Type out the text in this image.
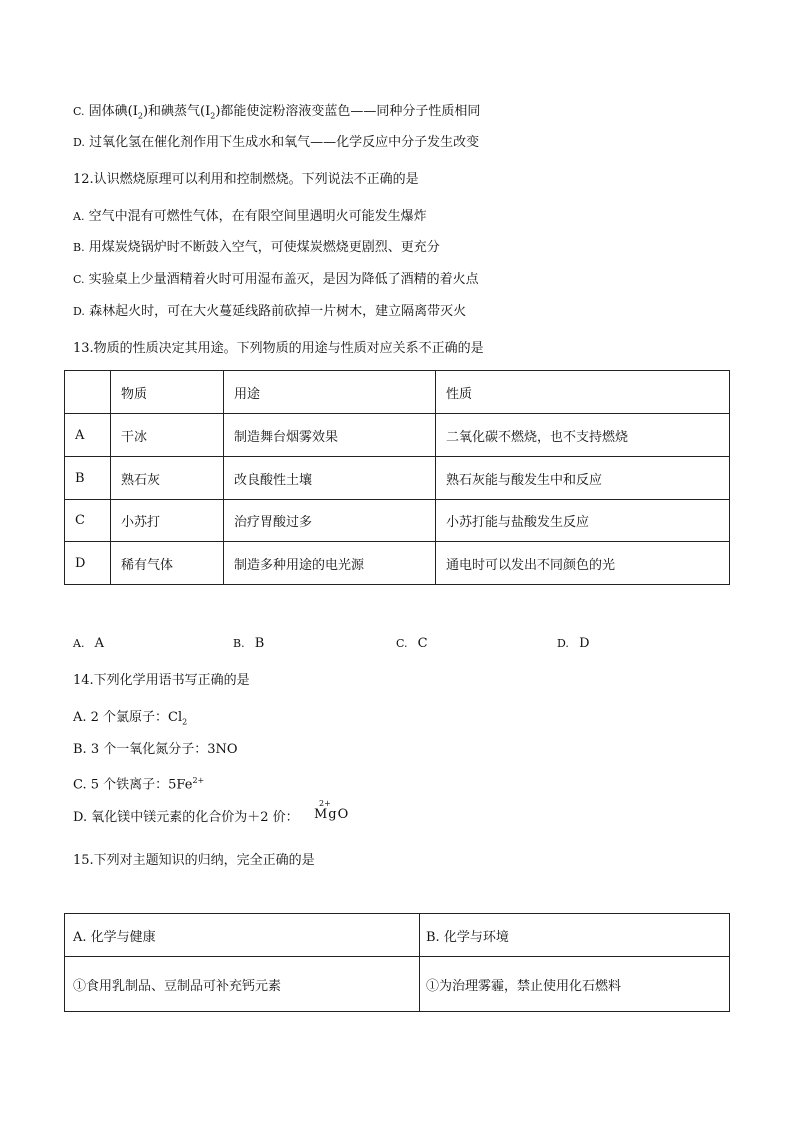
C. 固体碘$(I_2)$和碘蒸气$(I_2)$都能使淀粉溶液变蓝色——同种分子性质相同
D. 过氧化氢在催化剂作用下生成水和氧气——化学反应中分子发生改变
12.认识燃烧原理可以利用和控制燃烧。下列说法不正确的是
A. 空气中混有可燃性气体，在有限空间里遇明火可能发生爆炸
B. 用煤炭烧锅炉时不断鼓入空气，可使煤炭燃烧更剧烈、更充分
C. 实验桌上少量酒精着火时可用湿布盖灭，是因为降低了酒精的着火点
D. 森林起火时，可在大火蔓延线路前砍掉一片树木，建立隔离带灭火
13.物质的性质决定其用途。下列物质的用途与性质对应关系不正确的是
	物质	用途	性质
A	干冰	制造舞台烟雾效果	二氧化碳不燃烧，也不支持燃烧
B	熟石灰	改良酸性土壤	熟石灰能与酸发生中和反应
C	小苏打	治疗胃酸过多	小苏打能与盐酸发生反应
D	稀有气体	制造多种用途的电光源	通电时可以发出不同颜色的光
A. A	B. B	C. C	D. D
14.下列化学用语书写正确的是
A. 2 个氯原子：$Cl_2$
B. 3 个一氧化氮分子：3NO
C. 5 个铁离子：$5Fe^{2+}$
D. 氧化镁中镁元素的化合价为＋2 价：
2+
MgO
15.下列对主题知识的归纳，完全正确的是
A. 化学与健康	B. 化学与环境
①食用乳制品、豆制品可补充钙元素	①为治理雾霾，禁止使用化石燃料
